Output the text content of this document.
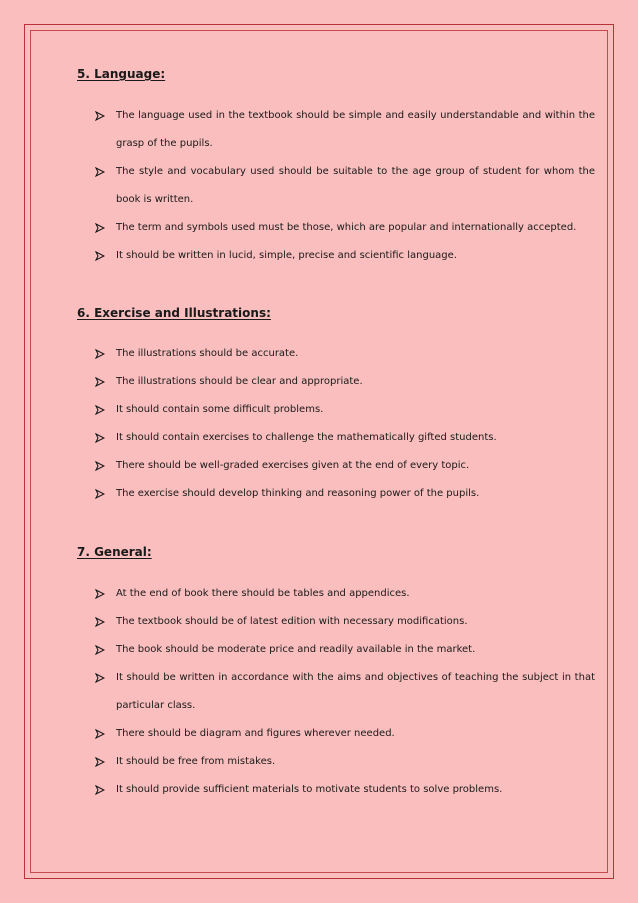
5. Language:
The language used in the textbook should be simple and easily understandable and within the grasp of the pupils.
The style and vocabulary used should be suitable to the age group of student for whom the book is written.
The term and symbols used must be those, which are popular and internationally accepted.
It should be written in lucid, simple, precise and scientific language.
6. Exercise and Illustrations:
The illustrations should be accurate.
The illustrations should be clear and appropriate.
It should contain some difficult problems.
It should contain exercises to challenge the mathematically gifted students.
There should be well-graded exercises given at the end of every topic.
The exercise should develop thinking and reasoning power of the pupils.
7. General:
At the end of book there should be tables and appendices.
The textbook should be of latest edition with necessary modifications.
The book should be moderate price and readily available in the market.
It should be written in accordance with the aims and objectives of teaching the subject in that particular class.
There should be diagram and figures wherever needed.
It should be free from mistakes.
It should provide sufficient materials to motivate students to solve problems.
